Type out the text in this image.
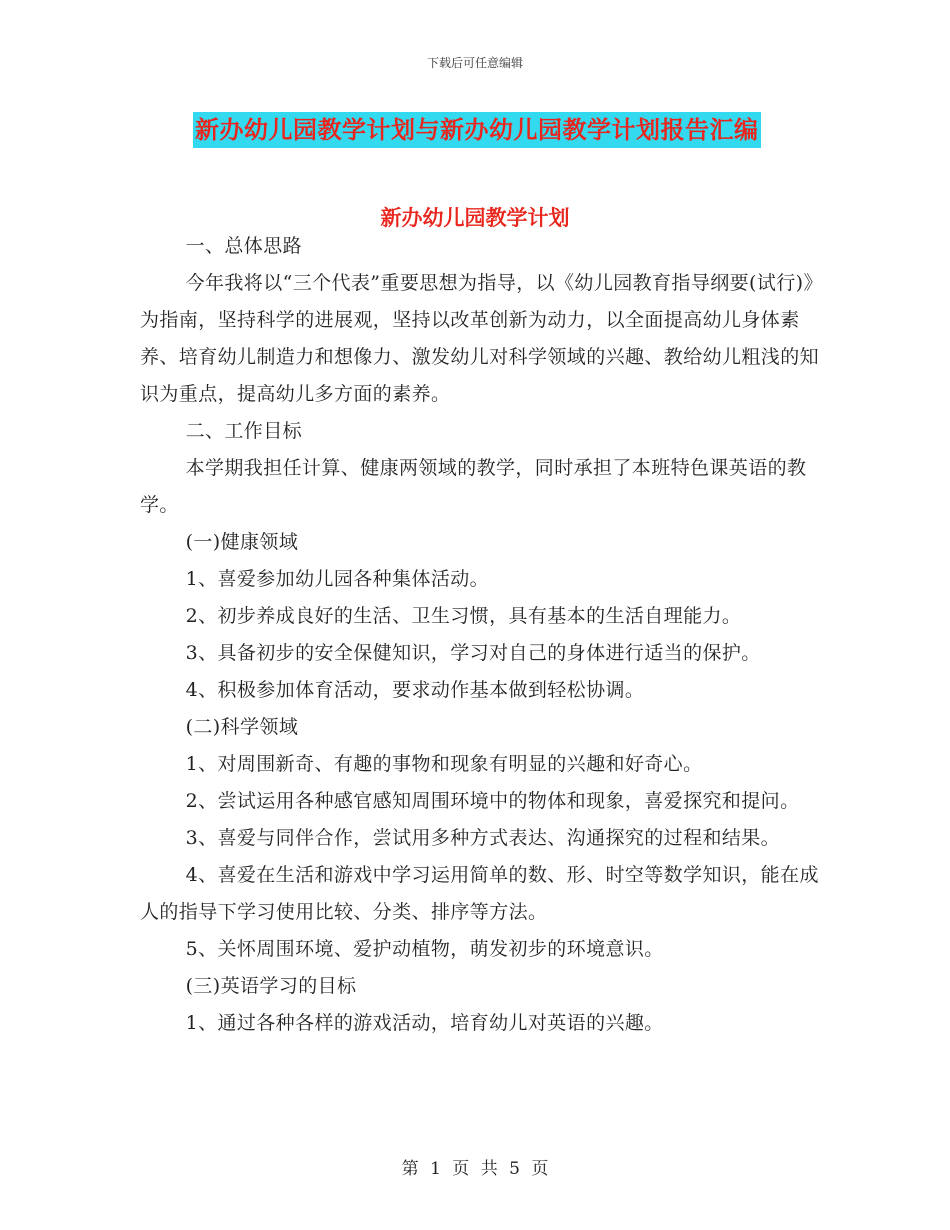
下载后可任意编辑
新办幼儿园教学计划与新办幼儿园教学计划报告汇编
新办幼儿园教学计划

一、总体思路

今年我将以“三个代表”重要思想为指导，以《幼儿园教育指导纲要(试行)》为指南，坚持科学的进展观，坚持以改革创新为动力，以全面提高幼儿身体素养、培育幼儿制造力和想像力、激发幼儿对科学领域的兴趣、教给幼儿粗浅的知识为重点，提高幼儿多方面的素养。

二、工作目标

本学期我担任计算、健康两领域的教学，同时承担了本班特色课英语的教学。

(一)健康领域

1、喜爱参加幼儿园各种集体活动。

2、初步养成良好的生活、卫生习惯，具有基本的生活自理能力。

3、具备初步的安全保健知识，学习对自己的身体进行适当的保护。

4、积极参加体育活动，要求动作基本做到轻松协调。

(二)科学领域

1、对周围新奇、有趣的事物和现象有明显的兴趣和好奇心。

2、尝试运用各种感官感知周围环境中的物体和现象，喜爱探究和提问。

3、喜爱与同伴合作，尝试用多种方式表达、沟通探究的过程和结果。

4、喜爱在生活和游戏中学习运用简单的数、形、时空等数学知识，能在成人的指导下学习使用比较、分类、排序等方法。

5、关怀周围环境、爱护动植物，萌发初步的环境意识。

(三)英语学习的目标

1、通过各种各样的游戏活动，培育幼儿对英语的兴趣。

第 1 页 共 5 页
